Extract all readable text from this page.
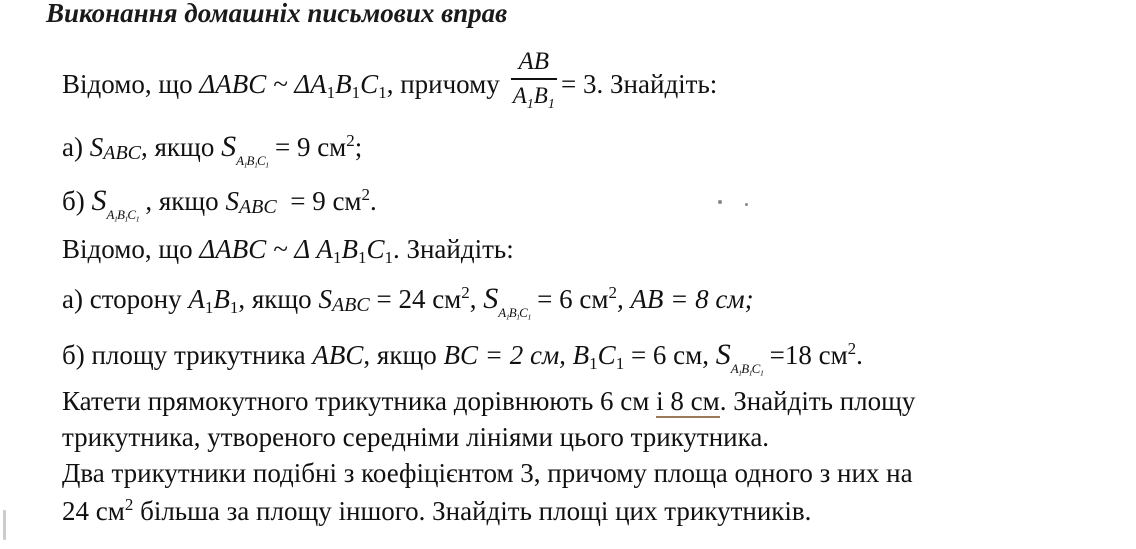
Виконання домашніх письмових вправ
Відомо, що ΔABC ~ ΔA1B1C1, причому $\frac{AB}{A_1B_1} = 3$. Знайдіть:
а) SABC, якщо $S_{A_1B_1C_1} = 9$ $см^2$;
б) $S_{A_1B_1C_1}$ , якщо SABC = 9 $см^2$.
Відомо, що ΔABC ~ Δ A1B1C1. Знайдіть:
а) сторону A1B1, якщо SABC = 24 $см^2$, $S_{A_1B_1C_1} = 6$ $см^2$, AB = 8 см;
б) площу трикутника ABC, якщо BC = 2 см, B1C1 = 6 см, $S_{A_1B_1C_1} =18$ $см^2$.
Катети прямокутного трикутника дорівнюють 6 см і 8 см. Знайдіть площу
трикутника, утвореного середніми лініями цього трикутника.
Два трикутники подібні з коефіцієнтом 3, причому площа одного з них на
24 $см^2$ більша за площу іншого. Знайдіть площі цих трикутників.
